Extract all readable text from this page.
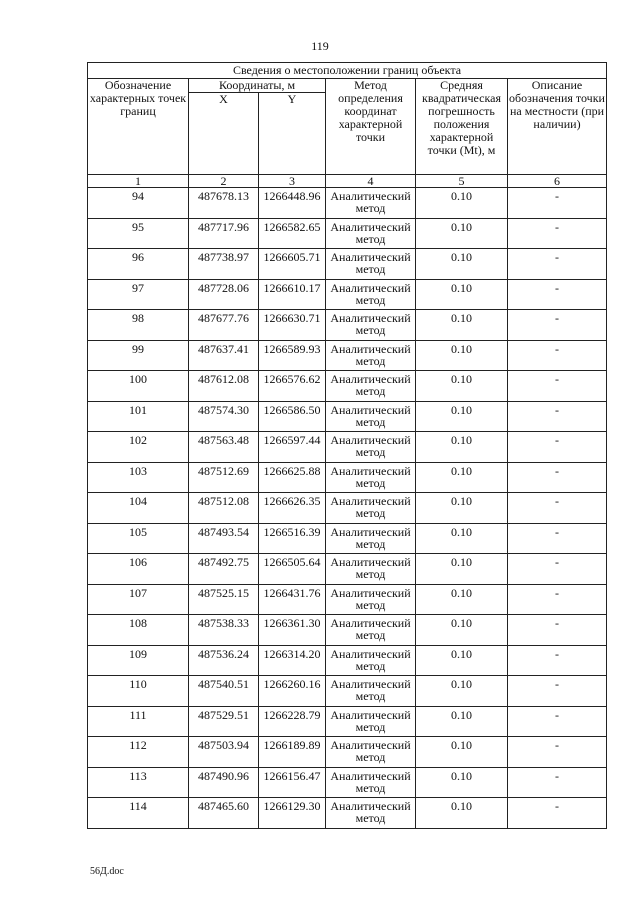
119
Сведения о местоположении границ объекта					
Обозначение характерных точек границ	Координаты, м		Метод определения координат характерной точки	Средняя квадратическая погрешность положения характерной точки (Mt), м	Описание обозначения точки на местности (при наличии)
	X	Y			
1	2	3	4	5	6
94	487678.13	1266448.96	Аналитический метод	0.10	-
95	487717.96	1266582.65	Аналитический метод	0.10	-
96	487738.97	1266605.71	Аналитический метод	0.10	-
97	487728.06	1266610.17	Аналитический метод	0.10	-
98	487677.76	1266630.71	Аналитический метод	0.10	-
99	487637.41	1266589.93	Аналитический метод	0.10	-
100	487612.08	1266576.62	Аналитический метод	0.10	-
101	487574.30	1266586.50	Аналитический метод	0.10	-
102	487563.48	1266597.44	Аналитический метод	0.10	-
103	487512.69	1266625.88	Аналитический метод	0.10	-
104	487512.08	1266626.35	Аналитический метод	0.10	-
105	487493.54	1266516.39	Аналитический метод	0.10	-
106	487492.75	1266505.64	Аналитический метод	0.10	-
107	487525.15	1266431.76	Аналитический метод	0.10	-
108	487538.33	1266361.30	Аналитический метод	0.10	-
109	487536.24	1266314.20	Аналитический метод	0.10	-
110	487540.51	1266260.16	Аналитический метод	0.10	-
111	487529.51	1266228.79	Аналитический метод	0.10	-
112	487503.94	1266189.89	Аналитический метод	0.10	-
113	487490.96	1266156.47	Аналитический метод	0.10	-
114	487465.60	1266129.30	Аналитический метод	0.10	-
56Д.doc
